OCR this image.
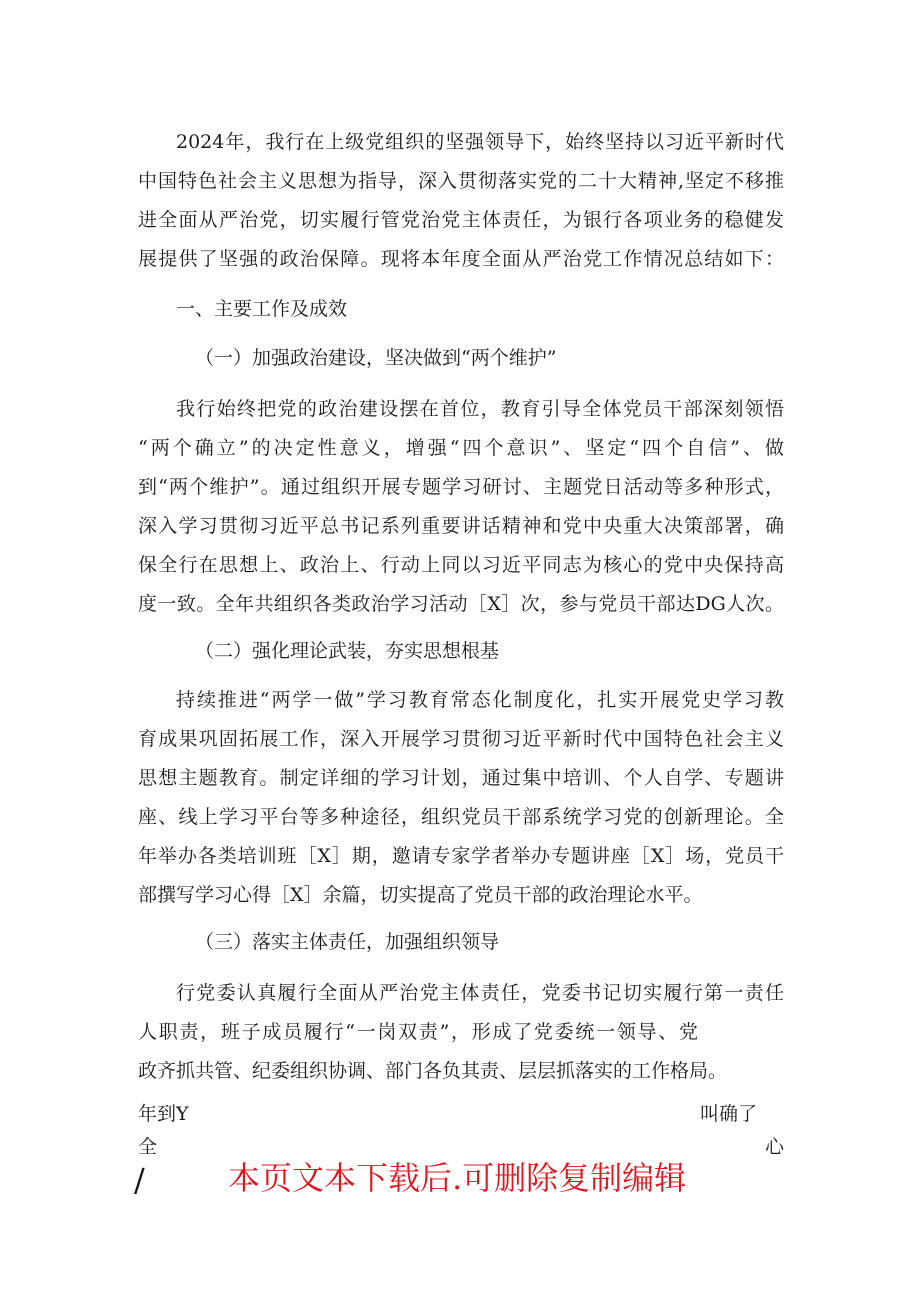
2024年，我行在上级党组织的坚强领导下，始终坚持以习近平新时代
中国特色社会主义思想为指导，深入贯彻落实党的二十大精神,坚定不移推
进全面从严治党，切实履行管党治党主体责任，为银行各项业务的稳健发
展提供了坚强的政治保障。现将本年度全面从严治党工作情况总结如下：
一、主要工作及成效
（一）加强政治建设，坚决做到“两个维护”
我行始终把党的政治建设摆在首位，教育引导全体党员干部深刻领悟
“两个确立”的决定性意义，增强“四个意识”、坚定“四个自信”、做
到“两个维护”。通过组织开展专题学习研讨、主题党日活动等多种形式，
深入学习贯彻习近平总书记系列重要讲话精神和党中央重大决策部署，确
保全行在思想上、政治上、行动上同以习近平同志为核心的党中央保持高
度一致。全年共组织各类政治学习活动［X］次，参与党员干部达DG人次。
（二）强化理论武装，夯实思想根基
持续推进“两学一做”学习教育常态化制度化，扎实开展党史学习教
育成果巩固拓展工作，深入开展学习贯彻习近平新时代中国特色社会主义
思想主题教育。制定详细的学习计划，通过集中培训、个人自学、专题讲
座、线上学习平台等多种途径，组织党员干部系统学习党的创新理论。全
年举办各类培训班［X］期，邀请专家学者举办专题讲座［X］场，党员干
部撰写学习心得［X］余篇，切实提高了党员干部的政治理论水平。
（三）落实主体责任，加强组织领导
行党委认真履行全面从严治党主体责任，党委书记切实履行第一责任
人职责，班子成员履行“一岗双责”，形成了党委统一领导、党
政齐抓共管、纪委组织协调、部门各负其责、层层抓落实的工作格局。
年到Y	叫确了
全	心
/	本页文本下载后.可删除复制编辑
